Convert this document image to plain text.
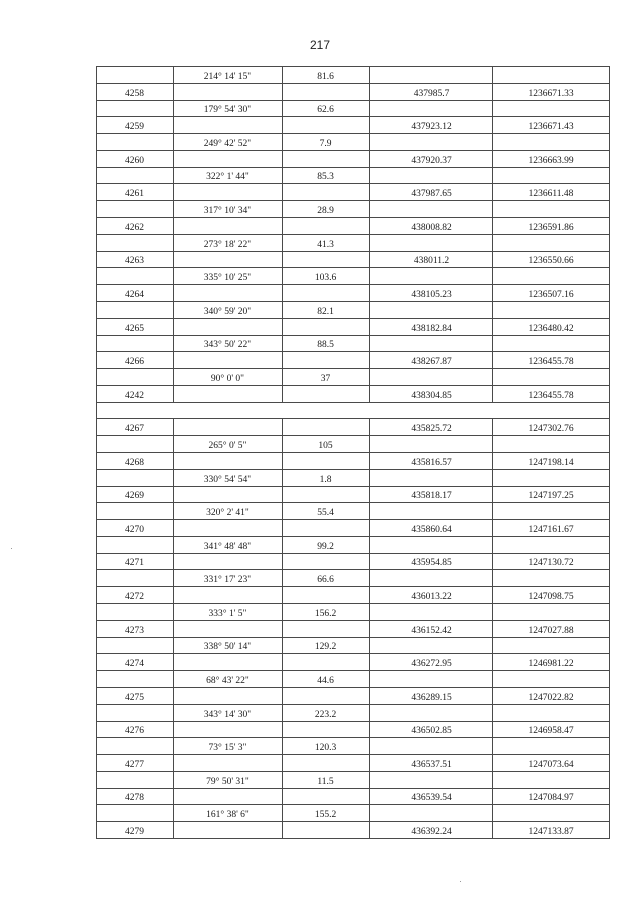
217
214° 14' 15"	81.6
4258	437985.7	1236671.33
179° 54' 30"	62.6
4259	437923.12	1236671.43
249° 42' 52"	7.9
4260	437920.37	1236663.99
322° 1' 44"	85.3
4261	437987.65	1236611.48
317° 10' 34"	28.9
4262	438008.82	1236591.86
273° 18' 22"	41.3
4263	438011.2	1236550.66
335° 10' 25"	103.6
4264	438105.23	1236507.16
340° 59' 20"	82.1
4265	438182.84	1236480.42
343° 50' 22"	88.5
4266	438267.87	1236455.78
90° 0' 0"	37
4242	438304.85	1236455.78
4267	435825.72	1247302.76
265° 0' 5"	105
4268	435816.57	1247198.14
330° 54' 54"	1.8
4269	435818.17	1247197.25
320° 2' 41"	55.4
4270	435860.64	1247161.67
341° 48' 48"	99.2
4271	435954.85	1247130.72
331° 17' 23"	66.6
4272	436013.22	1247098.75
333° 1' 5"	156.2
4273	436152.42	1247027.88
338° 50' 14"	129.2
4274	436272.95	1246981.22
68° 43' 22"	44.6
4275	436289.15	1247022.82
343° 14' 30"	223.2
4276	436502.85	1246958.47
73° 15' 3"	120.3
4277	436537.51	1247073.64
79° 50' 31"	11.5
4278	436539.54	1247084.97
161° 38' 6"	155.2
4279	436392.24	1247133.87
